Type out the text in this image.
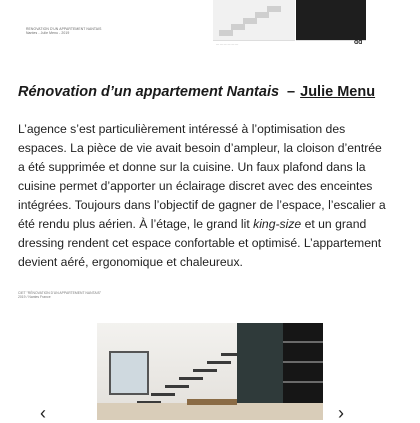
RENOVATION D'UN APPARTEMENT NANTAIS
Nantes - Julie Menu - 2019
— — — — — —	ᗡᗡ
Rénovation d’un appartement Nantais – Julie Menu
L’agence s’est particulièrement intéressé à l’optimisation des espaces. La pièce de vie avait besoin d’ampleur, la cloison d’entrée a été supprimée et donne sur la cuisine. Un faux plafond dans la cuisine permet d’apporter un éclairage discret avec des enceintes intégrées. Toujours dans l’objectif de gagner de l’espace, l’escalier a été rendu plus aérien. À l’étage, le grand lit king-size et un grand dressing rendent cet espace confortable et optimisé. L’appartement devient aéré, ergonomique et chaleureux.
CIET "RÉNOVATION D'UN APPARTEMENT NANTAIS"
2019 / Nantes France
‹	›
